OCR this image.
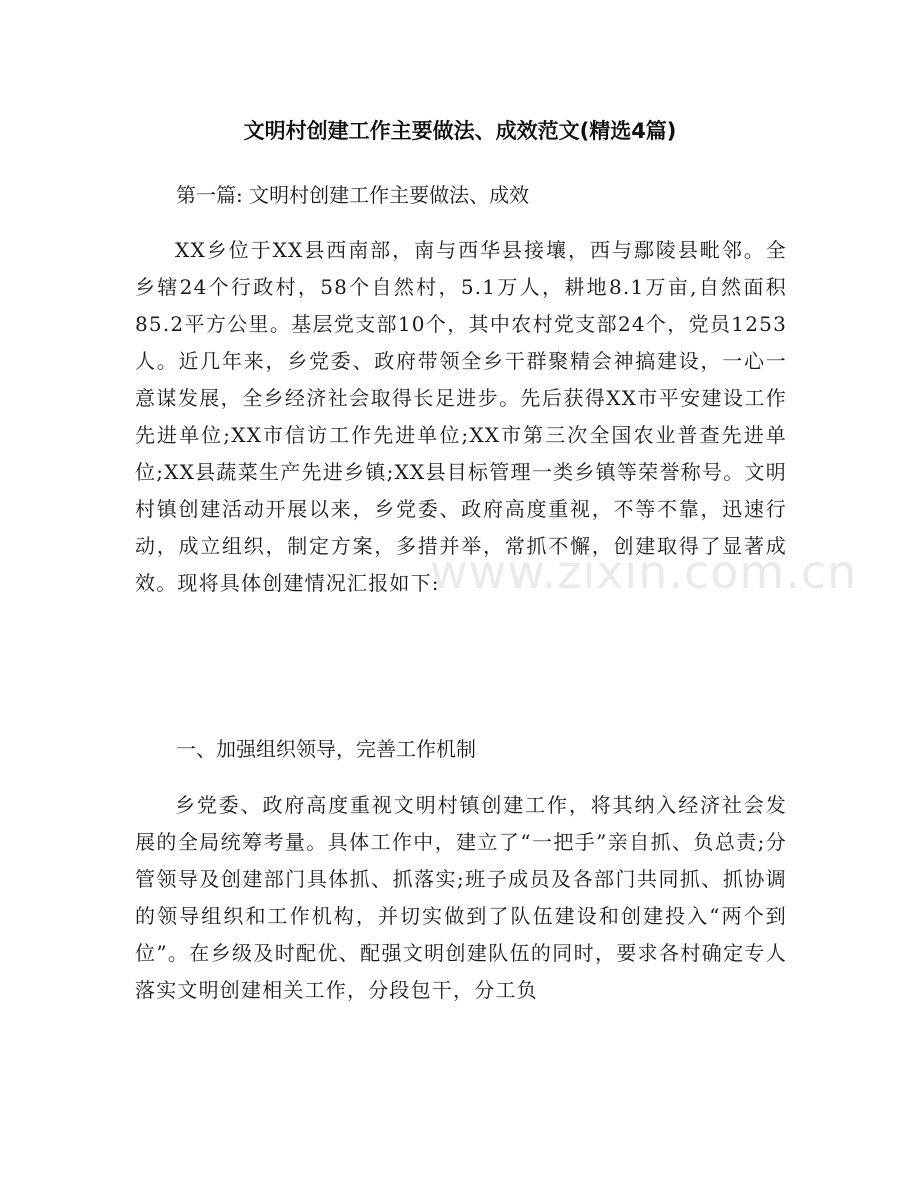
文明村创建工作主要做法、成效范文(精选4篇)
第一篇: 文明村创建工作主要做法、成效
XX乡位于XX县西南部，南与西华县接壤，西与鄢陵县毗邻。全乡辖24个行政村，58个自然村，5.1万人，耕地8.1万亩,自然面积85.2平方公里。基层党支部10个，其中农村党支部24个，党员1253人。近几年来，乡党委、政府带领全乡干群聚精会神搞建设，一心一意谋发展，全乡经济社会取得长足进步。先后获得XX市平安建设工作先进单位;XX市信访工作先进单位;XX市第三次全国农业普查先进单位;XX县蔬菜生产先进乡镇;XX县目标管理一类乡镇等荣誉称号。文明村镇创建活动开展以来，乡党委、政府高度重视，不等不靠，迅速行动，成立组织，制定方案，多措并举，常抓不懈，创建取得了显著成效。现将具体创建情况汇报如下:
一、加强组织领导，完善工作机制
乡党委、政府高度重视文明村镇创建工作，将其纳入经济社会发展的全局统筹考量。具体工作中，建立了“一把手”亲自抓、负总责;分管领导及创建部门具体抓、抓落实;班子成员及各部门共同抓、抓协调的领导组织和工作机构，并切实做到了队伍建设和创建投入“两个到位”。在乡级及时配优、配强文明创建队伍的同时，要求各村确定专人落实文明创建相关工作，分段包干，分工负
www.zixin.com.cn
